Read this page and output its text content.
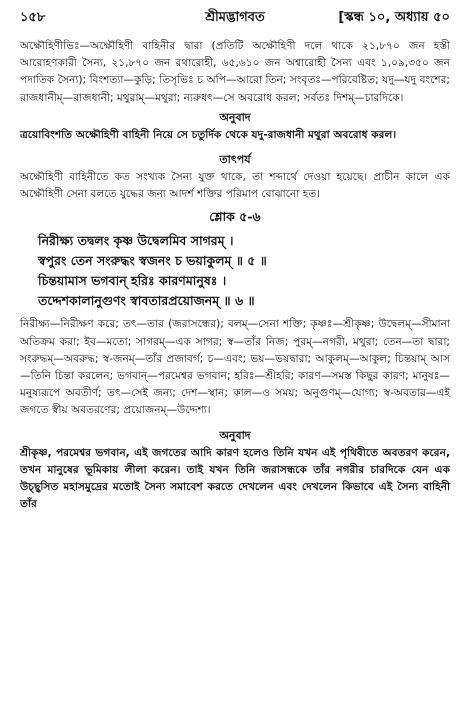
১৫৮	শ্রীমদ্ভাগবত	[স্কন্ধ ১০, অধ্যায় ৫০

অক্ষৌহিণীভিঃ—অক্ষৌহিণী বাহিনীর দ্বারা (প্রতিটি অক্ষৌহিণী দলে থাকে ২১,৮৭০ জন হস্তী আরোহণকারী সৈন্য, ২১,৮৭০ জন রথারোহী, ৬৫,৬১০ জন অশ্বারোহী সৈন্য এবং ১,০৯,৩৫০ জন পদাতিক সৈন্য); বিংশত্যা—কুড়ি; তিসৃভিঃ চ অপি—আরো তিন; সংবৃতঃ—পরিবেষ্টিত; যদু—যদু বংশের; রাজধানীম্—রাজধানী; মথুরাম্—মথুরা; ন্যরুধৎ—সে অবরোধ করল; সর্বতঃ দিশম্—চারদিকে।

অনুবাদ

ত্রয়োবিংশতি অক্ষৌহিণী বাহিনী নিয়ে সে চতুর্দিক থেকে যদু-রাজধানী মথুরা অবরোধ করল।

তাৎপর্য

অক্ষৌহিণী বাহিনীতে কত সংখ্যক সৈন্য যুক্ত থাকে, তা শব্দার্থে দেওয়া হয়েছে। প্রাচীন কালে এক অক্ষৌহিণী সেনা বলতে যুদ্ধের জন্য আদর্শ শক্তির পরিমাপ বোঝানো হত।

শ্লোক ৫-৬
নিরীক্ষ্য তদ্বলং কৃষ্ণ উদ্বেলমিব সাগরম্ ।
স্বপুরং তেন সংরুদ্ধং স্বজনং চ ভয়াকুলম্ ॥ ৫ ॥
চিন্তয়ামাস ভগবান্ হরিঃ কারণমানুষঃ ।
তদ্দেশকালানুগুণং স্বাবতারপ্রয়োজনম্ ॥ ৬ ॥

নিরীক্ষ্য—নিরীক্ষণ করে; তৎ—তার (জরাসন্ধের); বলম্—সেনা শক্তি; কৃষ্ণঃ—শ্রীকৃষ্ণ; উদ্বেলম্—সীমানা অতিক্রম করা; ইব—মতো; সাগরম্—এক সাগর; স্ব—তাঁর নিজ; পুরম্—নগরী, মথুরা; তেন—তা দ্বারা; সংরুদ্ধম্—অবরুদ্ধ; স্ব-জনম্—তাঁর প্রজাবর্গ; চ—এবং; ভয়—ভয়দ্বারা; আকুলম্—আকুল; চিন্তয়াম্ আস—তিনি চিন্তা করলেন; ভগবান্—পরমেশ্বর ভগবান; হরিঃ—শ্রীহরি; কারণ—সমস্ত কিছুর কারণ; মানুষঃ—মনুষ্যরূপে অবতীর্ণ; তৎ—সেই জন্য; দেশ—স্থান; কাল—ও সময়; অনুগুণম্—যোগ্য; স্ব-অবতার—এই জগতে স্বীয় অবতরণের; প্রয়োজনম্—উদ্দেশ্য।

অনুবাদ

শ্রীকৃষ্ণ, পরমেশ্বর ভগবান, এই জগতের আদি কারণ হলেও তিনি যখন এই পৃথিবীতে অবতরণ করেন, তখন মানুষের ভূমিকায় লীলা করেন। তাই যখন তিনি জরাসন্ধকে তাঁর নগরীর চারদিকে যেন এক উচ্ছ্বসিত মহাসমুদ্রের মতোই সৈন্য সমাবেশ করতে দেখলেন এবং দেখলেন কিভাবে এই সৈন্য বাহিনী তাঁর
